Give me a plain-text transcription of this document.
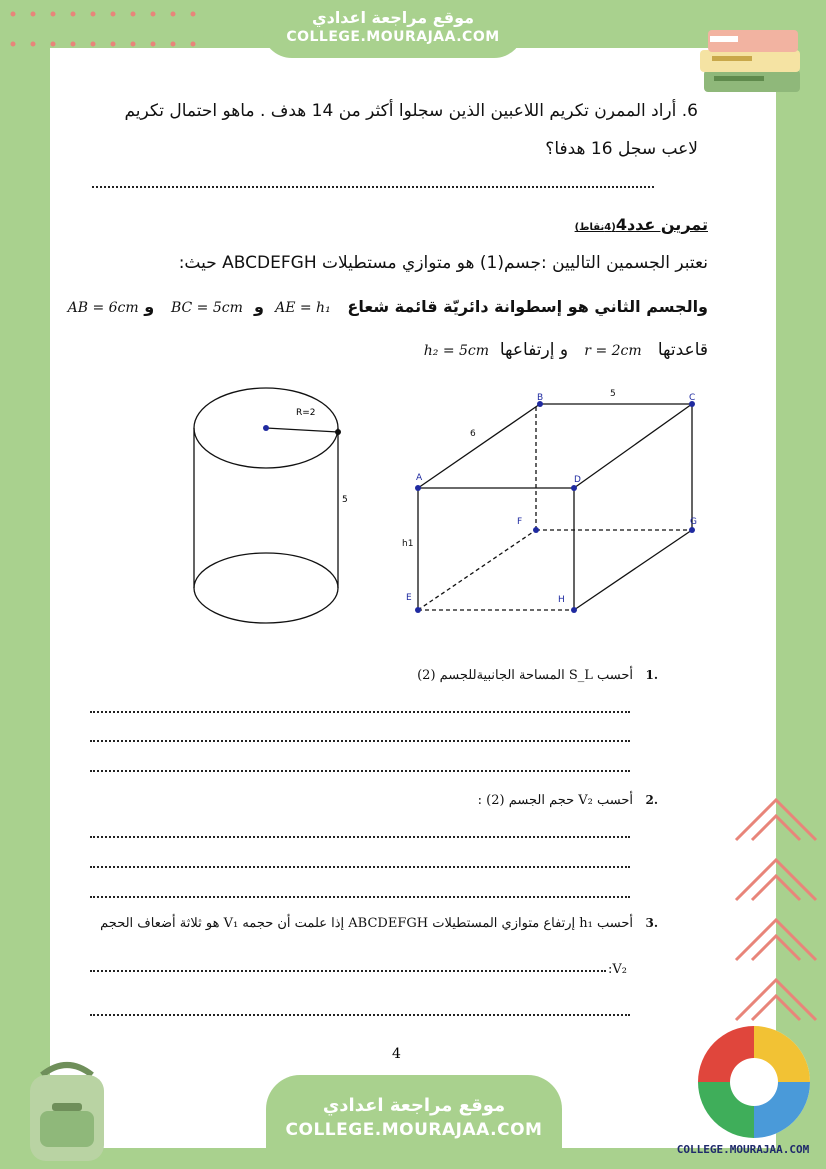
موقع مراجعة اعدادي
COLLEGE.MOURAJAA.COM
6. أراد الممرن تكريم اللاعبين الذين سجلوا أكثر من 14 هدف . ماهو احتمال تكريم
لاعب سجل 16 هدفا؟
تمرين عدد4(4نقاط)
نعتبر الجسمين التاليين :جسم(1) هو متوازي مستطيلات ABCDEFGH حيث:
والجسم الثاني هو إسطوانة دائريّة قائمة شعاع   AE = h₁  و  BC = 5cm   و AB = 6cm
قاعدتها   r = 2cm   و إرتفاعها  h₂ = 5cm
R=2
5
A
B	C
D
E
F	G
H
6
5
h1
.1   أحسب S_L المساحة الجانبيةللجسم (2)
.2   أحسب V₂ حجم الجسم (2) :
.3   أحسب h₁ إرتفاع متوازي المستطيلات ABCDEFGH إذا علمت أن حجمه V₁ هو ثلاثة أضعاف الحجم
:V₂
4
COLLEGE.MOURAJAA.COM
موقع مراجعة اعدادي
COLLEGE.MOURAJAA.COM
